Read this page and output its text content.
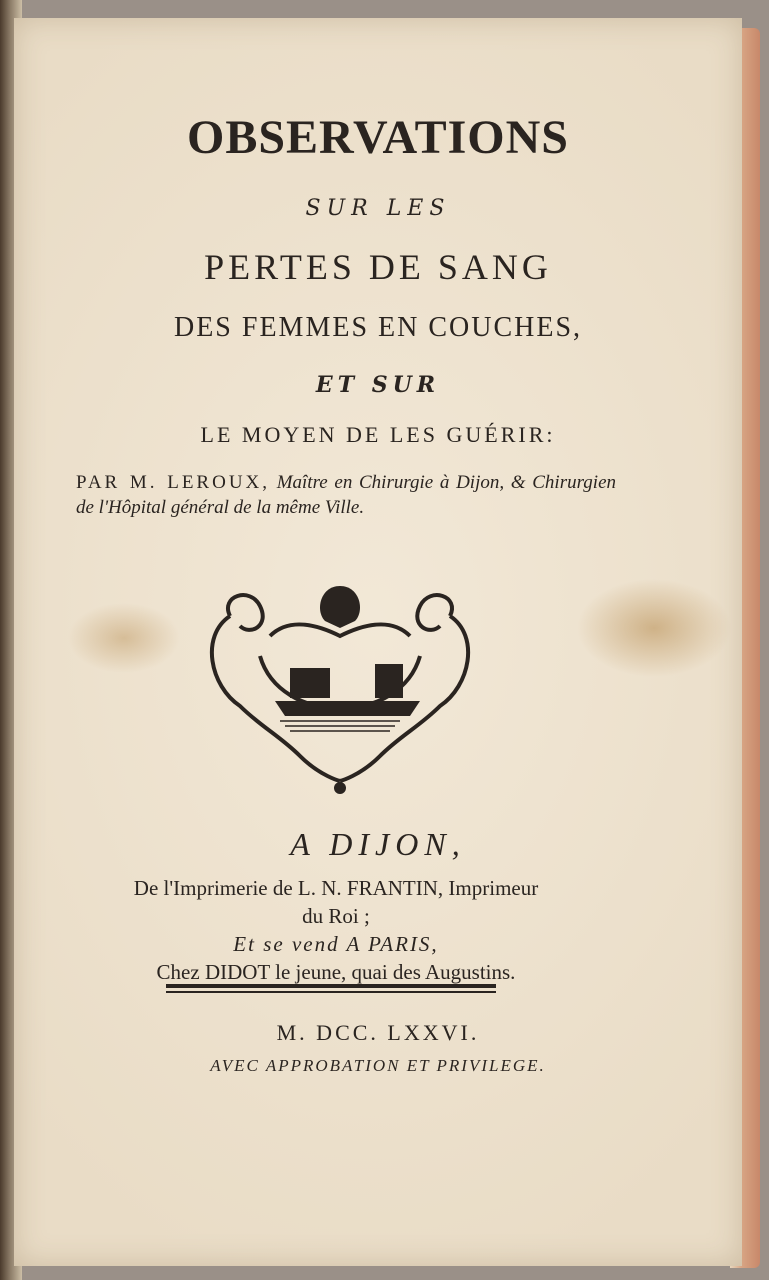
OBSERVATIONS
SUR LES
PERTES DE SANG
DES FEMMES EN COUCHES,
ET SUR
LE MOYEN DE LES GUÉRIR:
PAR M. LEROUX, Maître en Chirurgie à Dijon, & Chirurgien de l'Hôpital général de la même Ville.
A DIJON,
De l'Imprimerie de L. N. FRANTIN, Imprimeur
du Roi ;
Et se vend A PARIS,
Chez DIDOT le jeune, quai des Augustins.
M. DCC. LXXVI.
AVEC APPROBATION ET PRIVILEGE.
